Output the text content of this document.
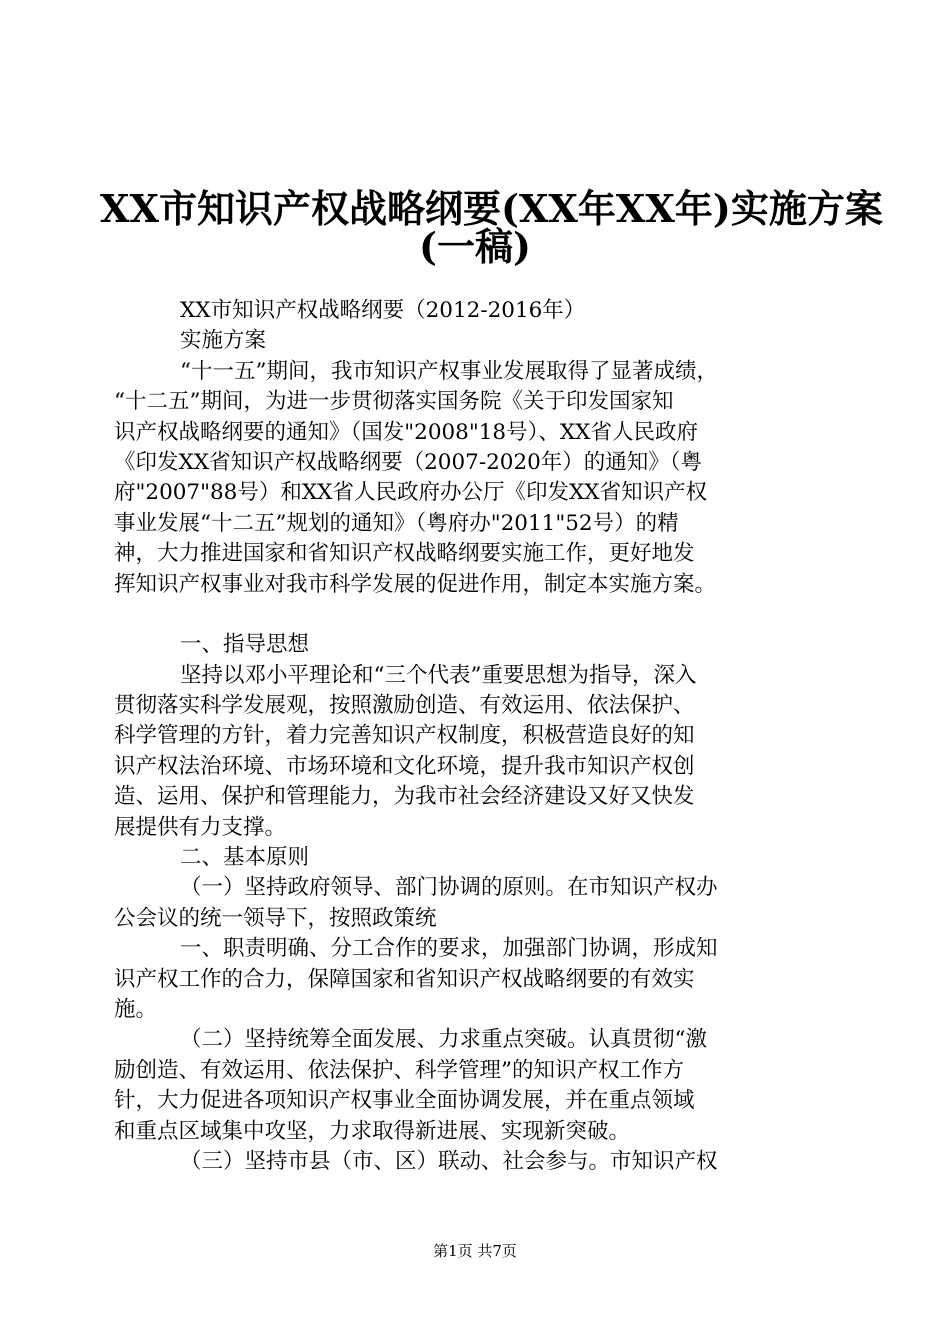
XX市知识产权战略纲要(XX年XX年)实施方案
(一稿)
XX市知识产权战略纲要（2012-2016年）
实施方案
“十一五”期间，我市知识产权事业发展取得了显著成绩，
“十二五”期间，为进一步贯彻落实国务院《关于印发国家知
识产权战略纲要的通知》（国发"2008"18号）、XX省人民政府
《印发XX省知识产权战略纲要（2007-2020年）的通知》（粤
府"2007"88号）和XX省人民政府办公厅《印发XX省知识产权
事业发展“十二五”规划的通知》（粤府办"2011"52号）的精
神，大力推进国家和省知识产权战略纲要实施工作，更好地发
挥知识产权事业对我市科学发展的促进作用，制定本实施方案。
一、指导思想
坚持以邓小平理论和“三个代表”重要思想为指导，深入
贯彻落实科学发展观，按照激励创造、有效运用、依法保护、
科学管理的方针，着力完善知识产权制度，积极营造良好的知
识产权法治环境、市场环境和文化环境，提升我市知识产权创
造、运用、保护和管理能力，为我市社会经济建设又好又快发
展提供有力支撑。
二、基本原则
（一）坚持政府领导、部门协调的原则。在市知识产权办
公会议的统一领导下，按照政策统
一、职责明确、分工合作的要求，加强部门协调，形成知
识产权工作的合力，保障国家和省知识产权战略纲要的有效实
施。
（二）坚持统筹全面发展、力求重点突破。认真贯彻“激
励创造、有效运用、依法保护、科学管理”的知识产权工作方
针，大力促进各项知识产权事业全面协调发展，并在重点领域
和重点区域集中攻坚，力求取得新进展、实现新突破。
（三）坚持市县（市、区）联动、社会参与。市知识产权
第1页 共7页
